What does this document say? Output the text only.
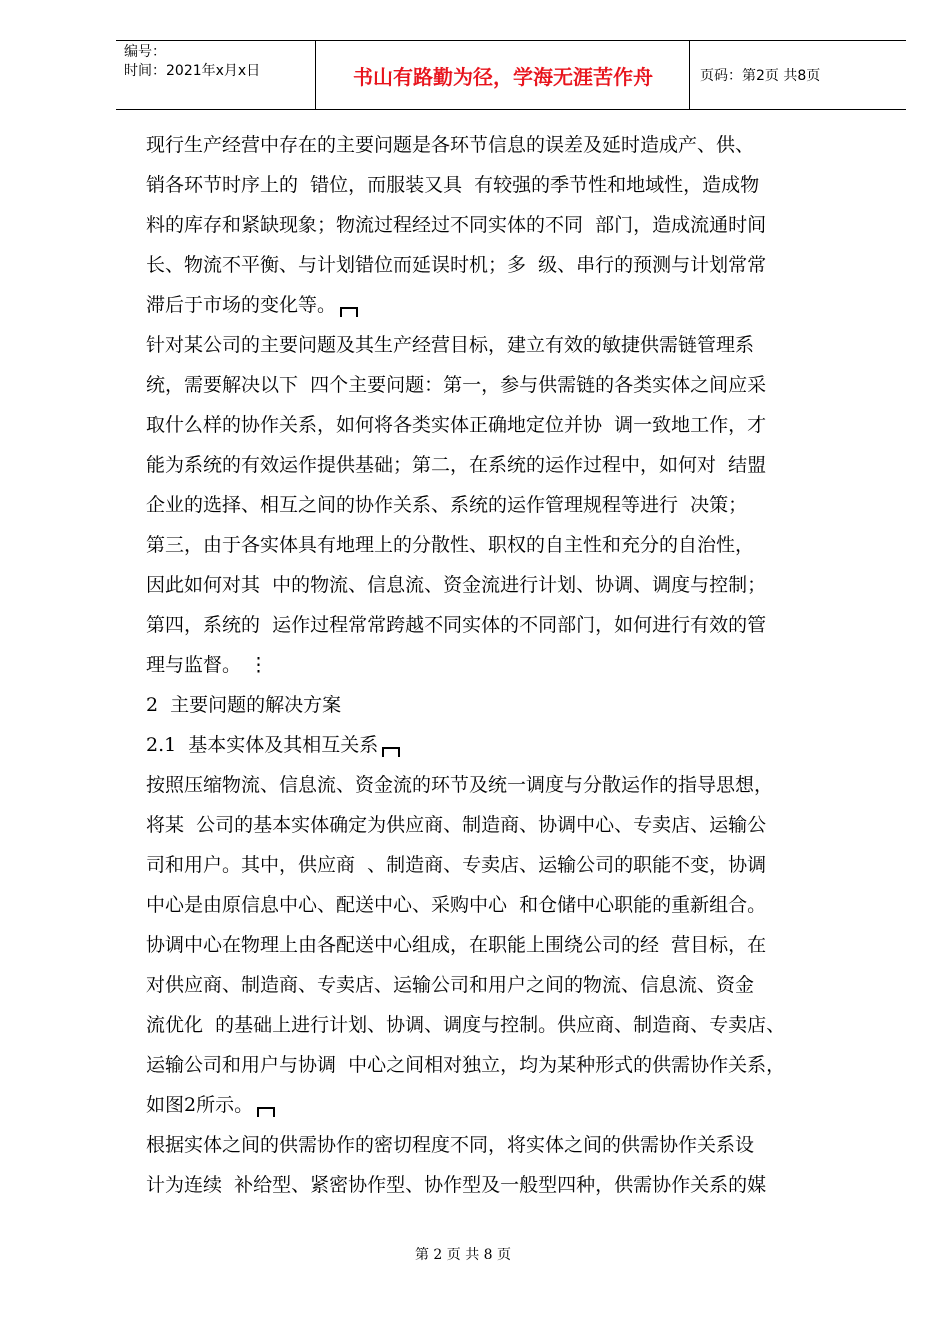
编号：
时间：2021年x月x日	书山有路勤为径，学海无涯苦作舟	页码：第2页 共8页
现行生产经营中存在的主要问题是各环节信息的误差及延时造成产、供、
销各环节时序上的  错位，而服装又具  有较强的季节性和地域性，造成物
料的库存和紧缺现象；物流过程经过不同实体的不同  部门，造成流通时间
长、物流不平衡、与计划错位而延误时机；多  级、串行的预测与计划常常
滞后于市场的变化等。
针对某公司的主要问题及其生产经营目标，建立有效的敏捷供需链管理系
统，需要解决以下  四个主要问题：第一，参与供需链的各类实体之间应采
取什么样的协作关系，如何将各类实体正确地定位并协  调一致地工作，才
能为系统的有效运作提供基础；第二，在系统的运作过程中，如何对  结盟
企业的选择、相互之间的协作关系、系统的运作管理规程等进行  决策；
第三，由于各实体具有地理上的分散性、职权的自主性和充分的自治性，
因此如何对其  中的物流、信息流、资金流进行计划、协调、调度与控制；
第四，系统的  运作过程常常跨越不同实体的不同部门，如何进行有效的管
理与监督。 ⋮
2  主要问题的解决方案
2.1  基本实体及其相互关系
按照压缩物流、信息流、资金流的环节及统一调度与分散运作的指导思想，
将某  公司的基本实体确定为供应商、制造商、协调中心、专卖店、运输公
司和用户。其中，供应商  、制造商、专卖店、运输公司的职能不变，协调
中心是由原信息中心、配送中心、采购中心  和仓储中心职能的重新组合。
协调中心在物理上由各配送中心组成，在职能上围绕公司的经  营目标，在
对供应商、制造商、专卖店、运输公司和用户之间的物流、信息流、资金
流优化  的基础上进行计划、协调、调度与控制。供应商、制造商、专卖店、
运输公司和用户与协调  中心之间相对独立，均为某种形式的供需协作关系，
如图2所示。
根据实体之间的供需协作的密切程度不同，将实体之间的供需协作关系设
计为连续  补给型、紧密协作型、协作型及一般型四种，供需协作关系的媒
第 2 页 共 8 页
